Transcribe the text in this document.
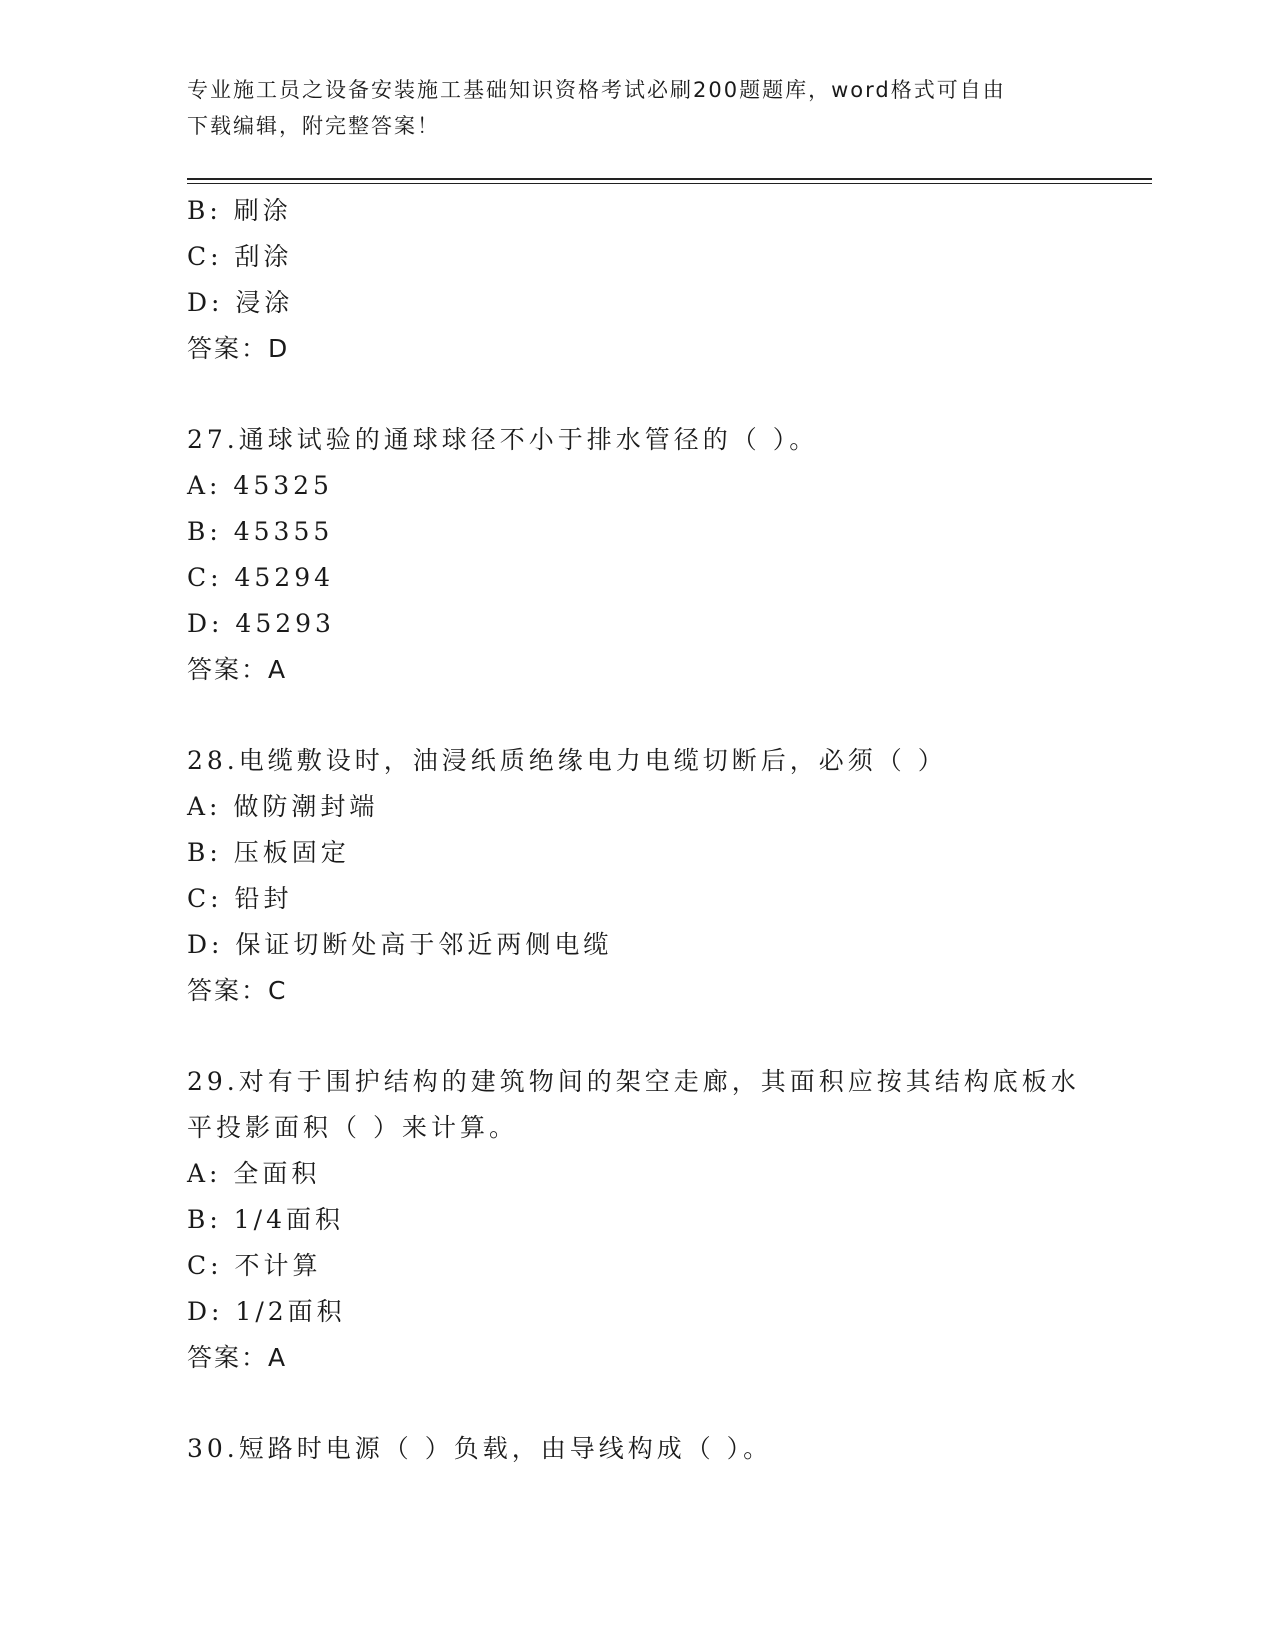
专业施工员之设备安装施工基础知识资格考试必刷200题题库，word格式可自由
下载编辑，附完整答案！
B: 刷涂
C: 刮涂
D: 浸涂
答案：D
27.通球试验的通球球径不小于排水管径的（ ）。
A: 45325
B: 45355
C: 45294
D: 45293
答案：A
28.电缆敷设时，油浸纸质绝缘电力电缆切断后，必须（ ）
A: 做防潮封端
B: 压板固定
C: 铅封
D: 保证切断处高于邻近两侧电缆
答案：C
29.对有于围护结构的建筑物间的架空走廊，其面积应按其结构底板水
平投影面积（ ）来计算。
A: 全面积
B: 1/4面积
C: 不计算
D: 1/2面积
答案：A
30.短路时电源（ ）负载，由导线构成（ ）。
